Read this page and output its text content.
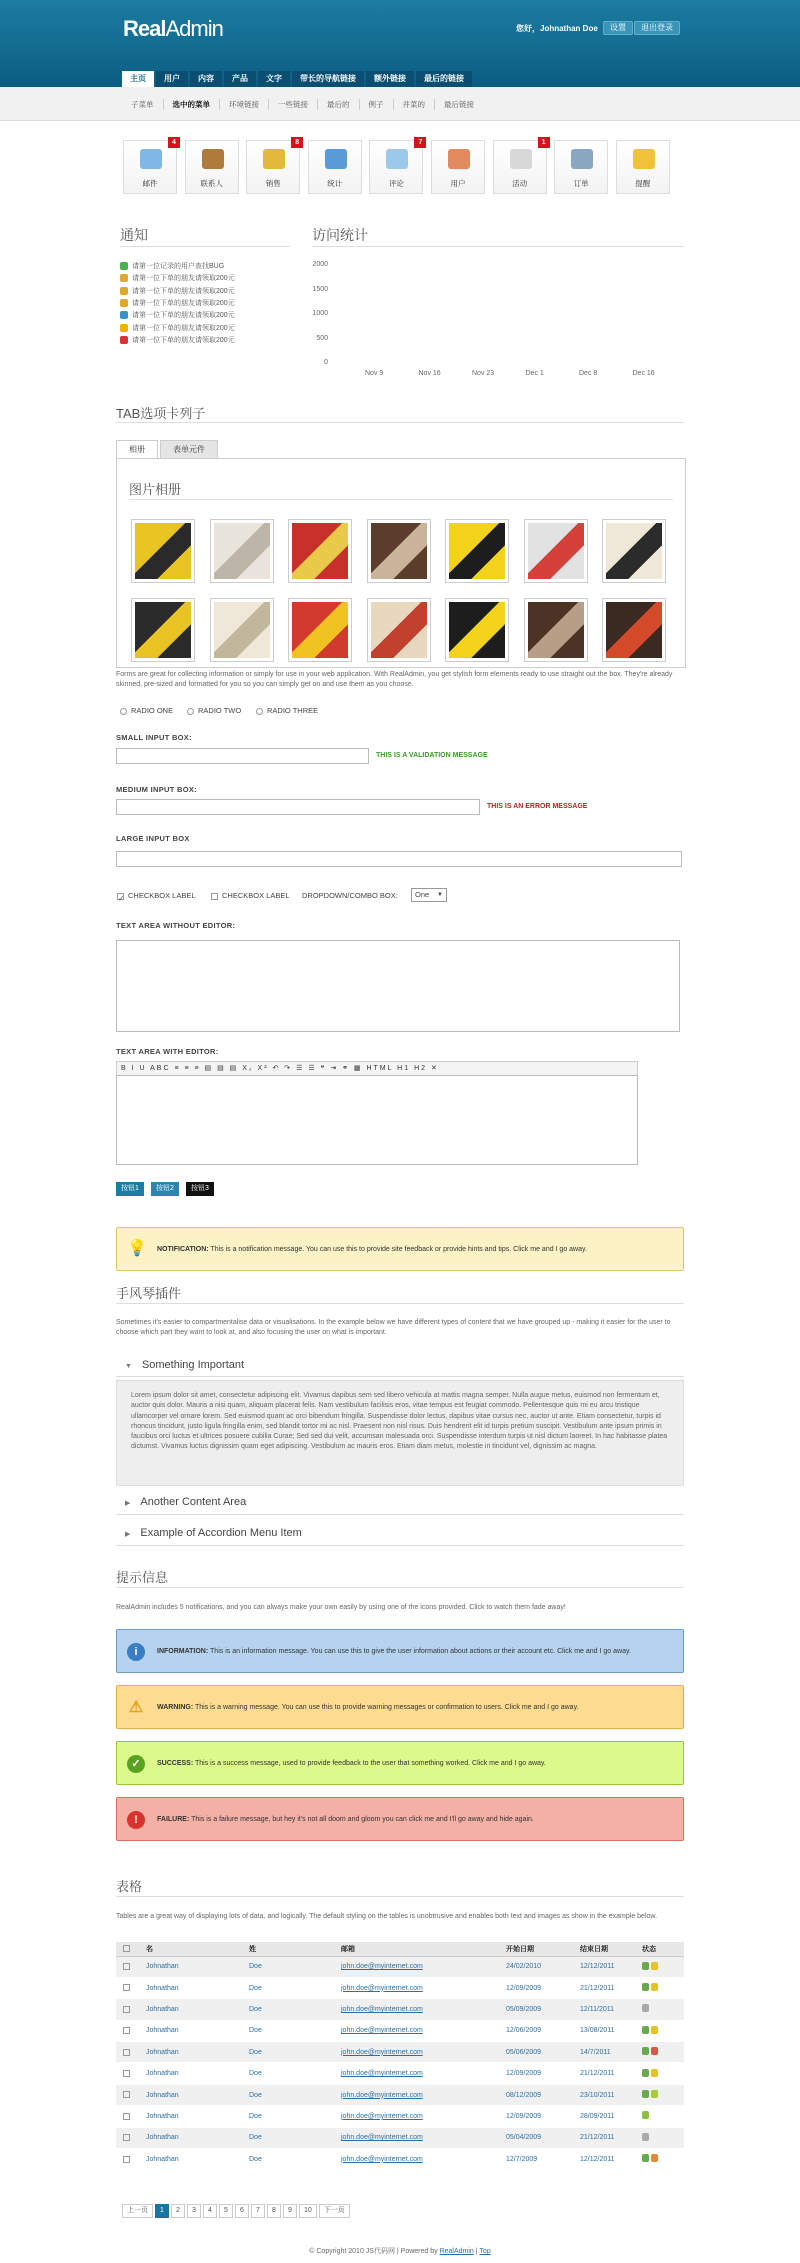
RealAdmin	您好，Johnathan Doe	设置	退出登录
主页	用户	内容	产品	文字	带长的导航链接	额外链接	最后的链接
子菜单	选中的菜单	环境链接	一些链接	最后的	例子	并菜的	最后链接
邮件
4
联系人	销售
8
统计	评论
7
用户	活动
1
订单	提醒
通知
请第一位记录的用户查找BUG
请第一位下单的朋友请领取200元
请第一位下单的朋友请领取200元
请第一位下单的朋友请领取200元
请第一位下单的朋友请领取200元
请第一位下单的朋友请领取200元
请第一位下单的朋友请领取200元
访问统计
2000
1500
1000
500
0
Nov 9	Nov 16	Nov 23	Dec 1	Dec 8	Dec 16
TAB选项卡列子
相册	表单元件
图片相册
Forms are great for collecting information or simply for use in your web application. With RealAdmin, you get stylish form elements ready to use straight out the box. They're already skinned, pre-sized and formatted for you so you can simply get on and use them as you choose.
RADIO ONE	RADIO TWO	RADIO THREE
SMALL INPUT BOX:
THIS IS A VALIDATION MESSAGE
MEDIUM INPUT BOX:
THIS IS AN ERROR MESSAGE
LARGE INPUT BOX
✓ CHECKBOX LABEL	CHECKBOX LABEL DROPDOWN/COMBO BOX:	One ▼
TEXT AREA WITHOUT EDITOR:
TEXT AREA WITH EDITOR:
B I U ABC ≡ ≡ ≡ ▤ ▤ ▤ X₂ X² ↶ ↷ ☰ ☰ ❝ ⇥ ⚭ ▦ HTML H1 H2 ✕
按钮1	按钮2	按钮3
💡 NOTIFICATION: This is a notification message. You can use this to provide site feedback or provide hints and tips. Click me and I go away.
手风琴插件
Sometimes it's easier to compartmentalise data or visualisations. In the example below we have different types of content that we have grouped up - making it easier for the user to choose which part they want to look at, and also focusing the user on what is important.
▼ Something Important
Lorem ipsum dolor sit amet, consectetur adipiscing elit. Vivamus dapibus sem sed libero vehicula at mattis magna semper. Nulla augue metus, euismod non fermentum et, auctor quis dolor. Mauris a nisi quam, aliquam placerat felis. Nam vestibulum facilisis eros, vitae tempus est feugiat commodo. Pellentesque quis mi eu arcu tristique ullamcorper vel ornare lorem. Sed euismod quam ac orci bibendum fringilla. Suspendisse dolor lectus, dapibus vitae cursus nec, auctor ut ante. Etiam consectetur, turpis id rhoncus tincidunt, justo ligula fringilla enim, sed blandit tortor mi ac nisl. Praesent non nisl risus. Duis hendrerit elit id turpis pretium suscipit. Vestibulum ante ipsum primis in faucibus orci luctus et ultrices posuere cubilia Curae; Sed sed dui velit, accumsan malesuada orci. Suspendisse interdum turpis ut nisl dictum laoreet. In hac habitasse platea dictumst. Vivamus luctus dignissim quam eget adipiscing. Vestibulum ac mauris eros. Etiam diam metus, molestie in tincidunt vel, dignissim ac magna.
▶ Another Content Area
▶ Example of Accordion Menu Item
提示信息
RealAdmin includes 5 notifications, and you can always make your own easily by using one of the icons provided. Click to watch them fade away!
i	INFORMATION: This is an information message. You can use this to give the user information about actions or their account etc. Click me and I go away.
⚠ WARNING: This is a warning message. You can use this to provide warning messages or confirmation to users. Click me and I go away.
✓	SUCCESS: This is a success message, used to provide feedback to the user that something worked. Click me and I go away.
!	FAILURE: This is a failure message, but hey it's not all doom and gloom you can click me and I'll go away and hide again.
表格
Tables are a great way of displaying lots of data, and logically. The default styling on the tables is unobtrusive and enables both text and images as show in the example below.
	名	姓	邮箱	开始日期	结束日期	状态
	Johnathan	Doe	john.doe@myinternet.com	24/02/2010	12/12/2011	
	Johnathan	Doe	john.doe@myinternet.com	12/09/2009	21/12/2011	
	Johnathan	Doe	john.doe@myinternet.com	05/09/2009	12/11/2011	
	Johnathan	Doe	john.doe@myinternet.com	12/06/2009	13/08/2011	
	Johnathan	Doe	john.doe@myinternet.com	05/06/2009	14/7/2011	
	Johnathan	Doe	john.doe@myinternet.com	12/09/2009	21/12/2011	
	Johnathan	Doe	john.doe@myinternet.com	08/12/2009	23/10/2011	
	Johnathan	Doe	john.doe@myinternet.com	12/09/2009	28/09/2011	
	Johnathan	Doe	john.doe@myinternet.com	05/04/2009	21/12/2011	
	Johnathan	Doe	john.doe@myinternet.com	12/7/2009	12/12/2011	
上一页	1	2	3	4	5	6	7	8	9	10	下一页
© Copyright 2010 JS代码网 | Powered by RealAdmin | Top
